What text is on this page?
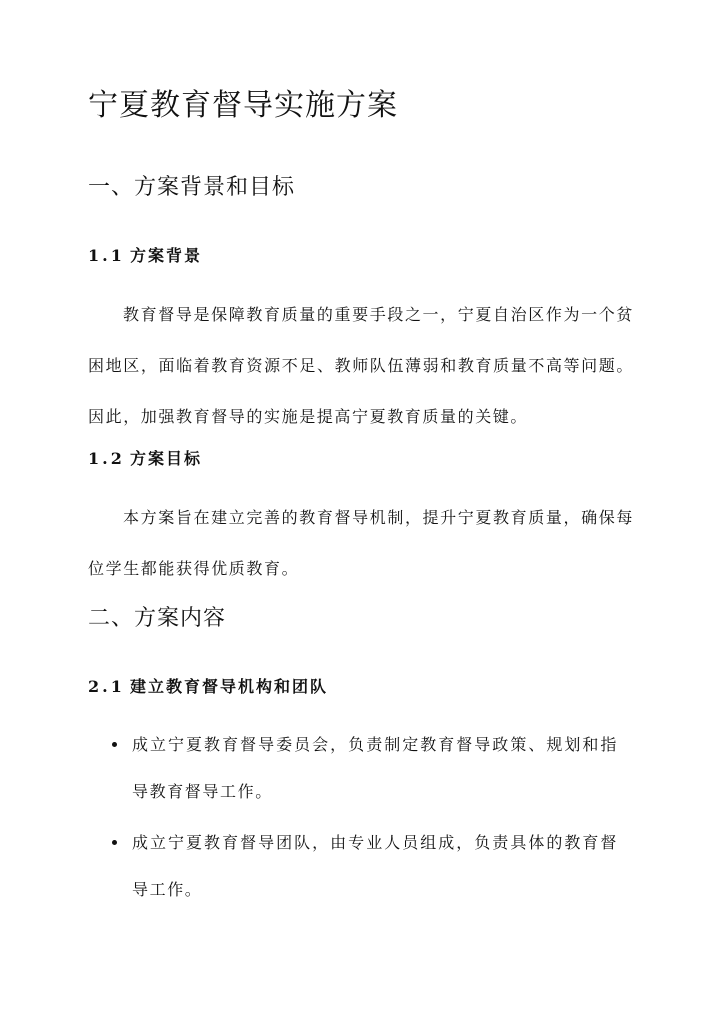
宁夏教育督导实施方案
一、方案背景和目标
1.1 方案背景

教育督导是保障教育质量的重要手段之一，宁夏自治区作为一个贫困地区，面临着教育资源不足、教师队伍薄弱和教育质量不高等问题。因此，加强教育督导的实施是提高宁夏教育质量的关键。

1.2 方案目标

本方案旨在建立完善的教育督导机制，提升宁夏教育质量，确保每位学生都能获得优质教育。

二、方案内容
2.1 建立教育督导机构和团队
成立宁夏教育督导委员会，负责制定教育督导政策、规划和指导教育督导工作。
成立宁夏教育督导团队，由专业人员组成，负责具体的教育督导工作。
